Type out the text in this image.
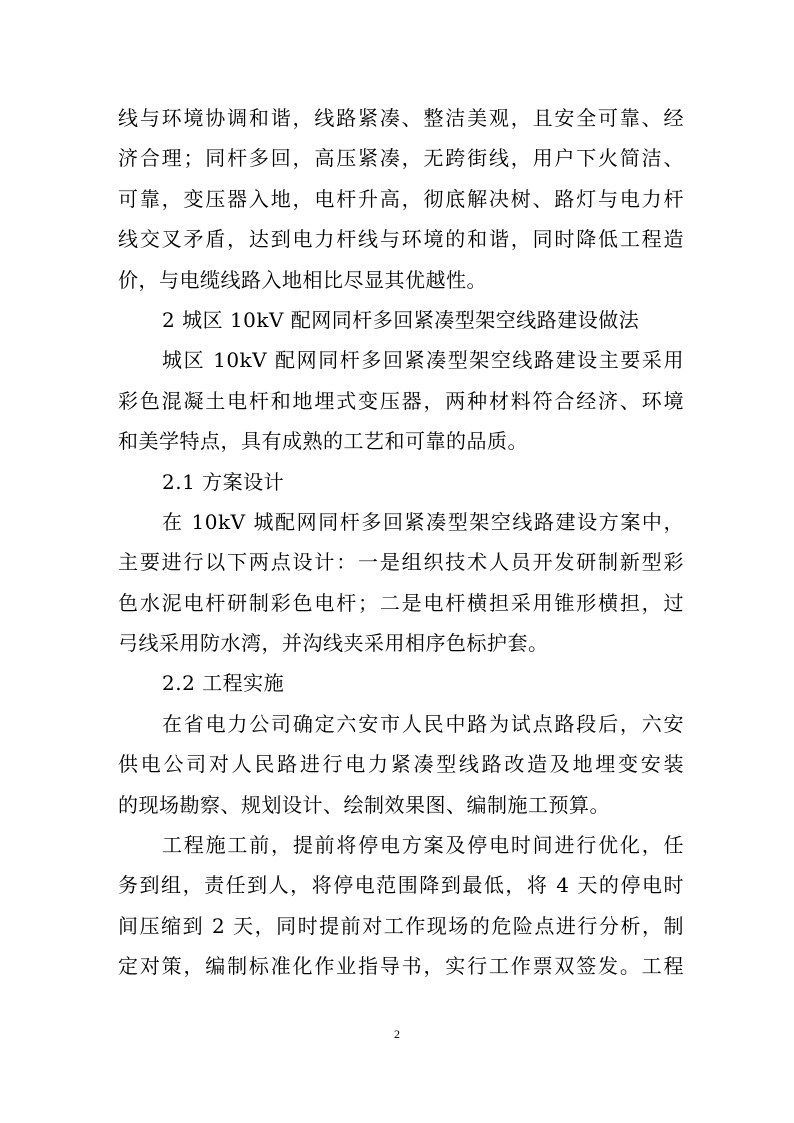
线与环境协调和谐，线路紧凑、整洁美观，且安全可靠、经
济合理；同杆多回，高压紧凑，无跨街线，用户下火简洁、
可靠，变压器入地，电杆升高，彻底解决树、路灯与电力杆
线交叉矛盾，达到电力杆线与环境的和谐，同时降低工程造
价，与电缆线路入地相比尽显其优越性。
2 城区 10kV 配网同杆多回紧凑型架空线路建设做法
城区 10kV 配网同杆多回紧凑型架空线路建设主要采用
彩色混凝土电杆和地埋式变压器，两种材料符合经济、环境
和美学特点，具有成熟的工艺和可靠的品质。
2.1 方案设计
在 10kV 城配网同杆多回紧凑型架空线路建设方案中，
主要进行以下两点设计：一是组织技术人员开发研制新型彩
色水泥电杆研制彩色电杆；二是电杆横担采用锥形横担，过
弓线采用防水湾，并沟线夹采用相序色标护套。
2.2 工程实施
在省电力公司确定六安市人民中路为试点路段后，六安
供电公司对人民路进行电力紧凑型线路改造及地埋变安装
的现场勘察、规划设计、绘制效果图、编制施工预算。
工程施工前，提前将停电方案及停电时间进行优化，任
务到组，责任到人，将停电范围降到最低，将 4 天的停电时
间压缩到 2 天，同时提前对工作现场的危险点进行分析，制
定对策，编制标准化作业指导书，实行工作票双签发。工程
2
